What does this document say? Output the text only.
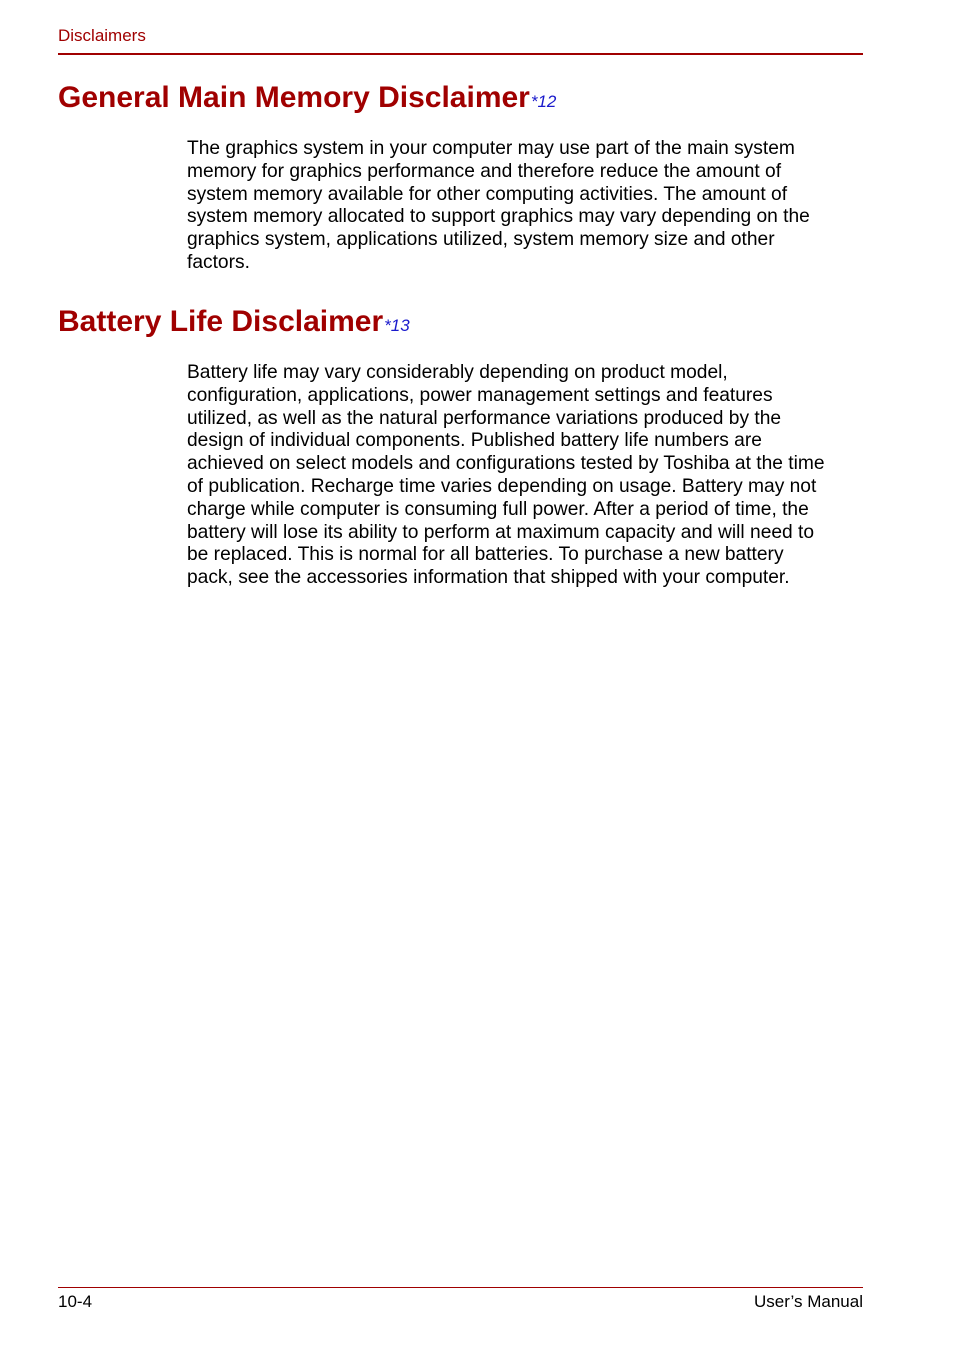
Disclaimers
General Main Memory Disclaimer*12
The graphics system in your computer may use part of the main system
memory for graphics performance and therefore reduce the amount of
system memory available for other computing activities. The amount of
system memory allocated to support graphics may vary depending on the
graphics system, applications utilized, system memory size and other
factors.
Battery Life Disclaimer*13
Battery life may vary considerably depending on product model,
configuration, applications, power management settings and features
utilized, as well as the natural performance variations produced by the
design of individual components. Published battery life numbers are
achieved on select models and configurations tested by Toshiba at the time
of publication. Recharge time varies depending on usage. Battery may not
charge while computer is consuming full power. After a period of time, the
battery will lose its ability to perform at maximum capacity and will need to
be replaced. This is normal for all batteries. To purchase a new battery
pack, see the accessories information that shipped with your computer.
10-4	User’s Manual
